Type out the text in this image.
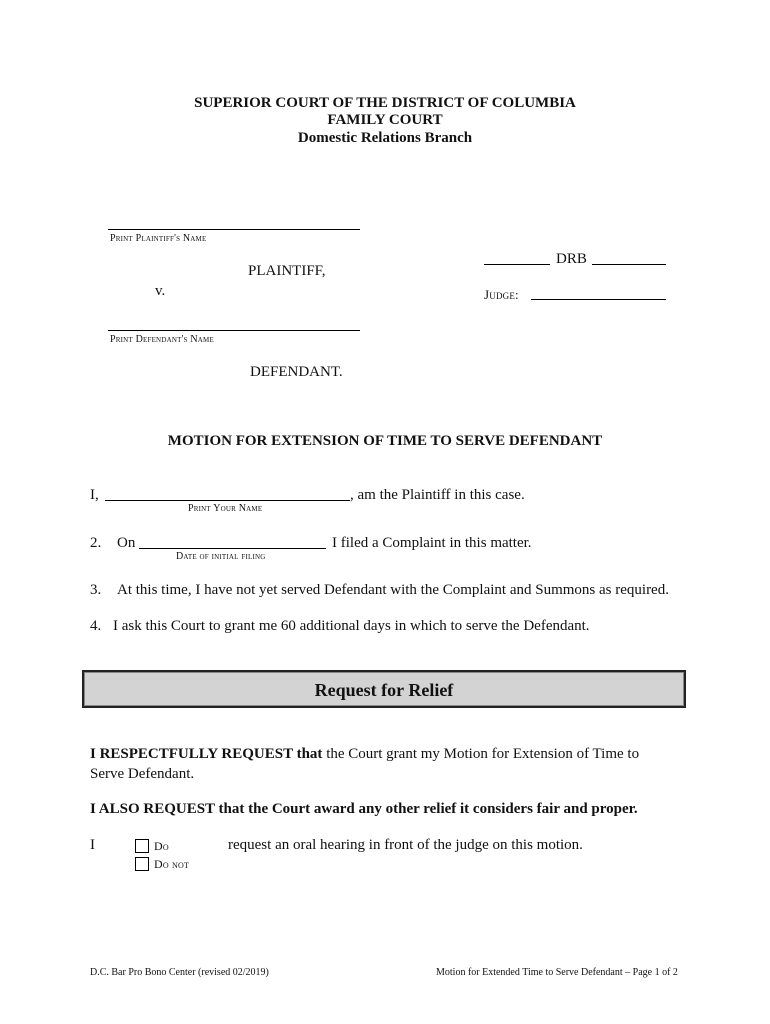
SUPERIOR COURT OF THE DISTRICT OF COLUMBIA
FAMILY COURT
Domestic Relations Branch
Print Plaintiff's Name
PLAINTIFF,
v.
DRB
Judge:
Print Defendant's Name
DEFENDANT.
MOTION FOR EXTENSION OF TIME TO SERVE DEFENDANT
I,	, am the Plaintiff in this case.
Print Your Name
2. On	I filed a Complaint in this matter.
Date of initial filing
3. At this time, I have not yet served Defendant with the Complaint and Summons as required.
4. I ask this Court to grant me 60 additional days in which to serve the Defendant.
Request for Relief
I RESPECTFULLY REQUEST that the Court grant my Motion for Extension of Time to
Serve Defendant.
I ALSO REQUEST that the Court award any other relief it considers fair and proper.
I	Do	request an oral hearing in front of the judge on this motion.
Do not
D.C. Bar Pro Bono Center (revised 02/2019)	Motion for Extended Time to Serve Defendant – Page 1 of 2
